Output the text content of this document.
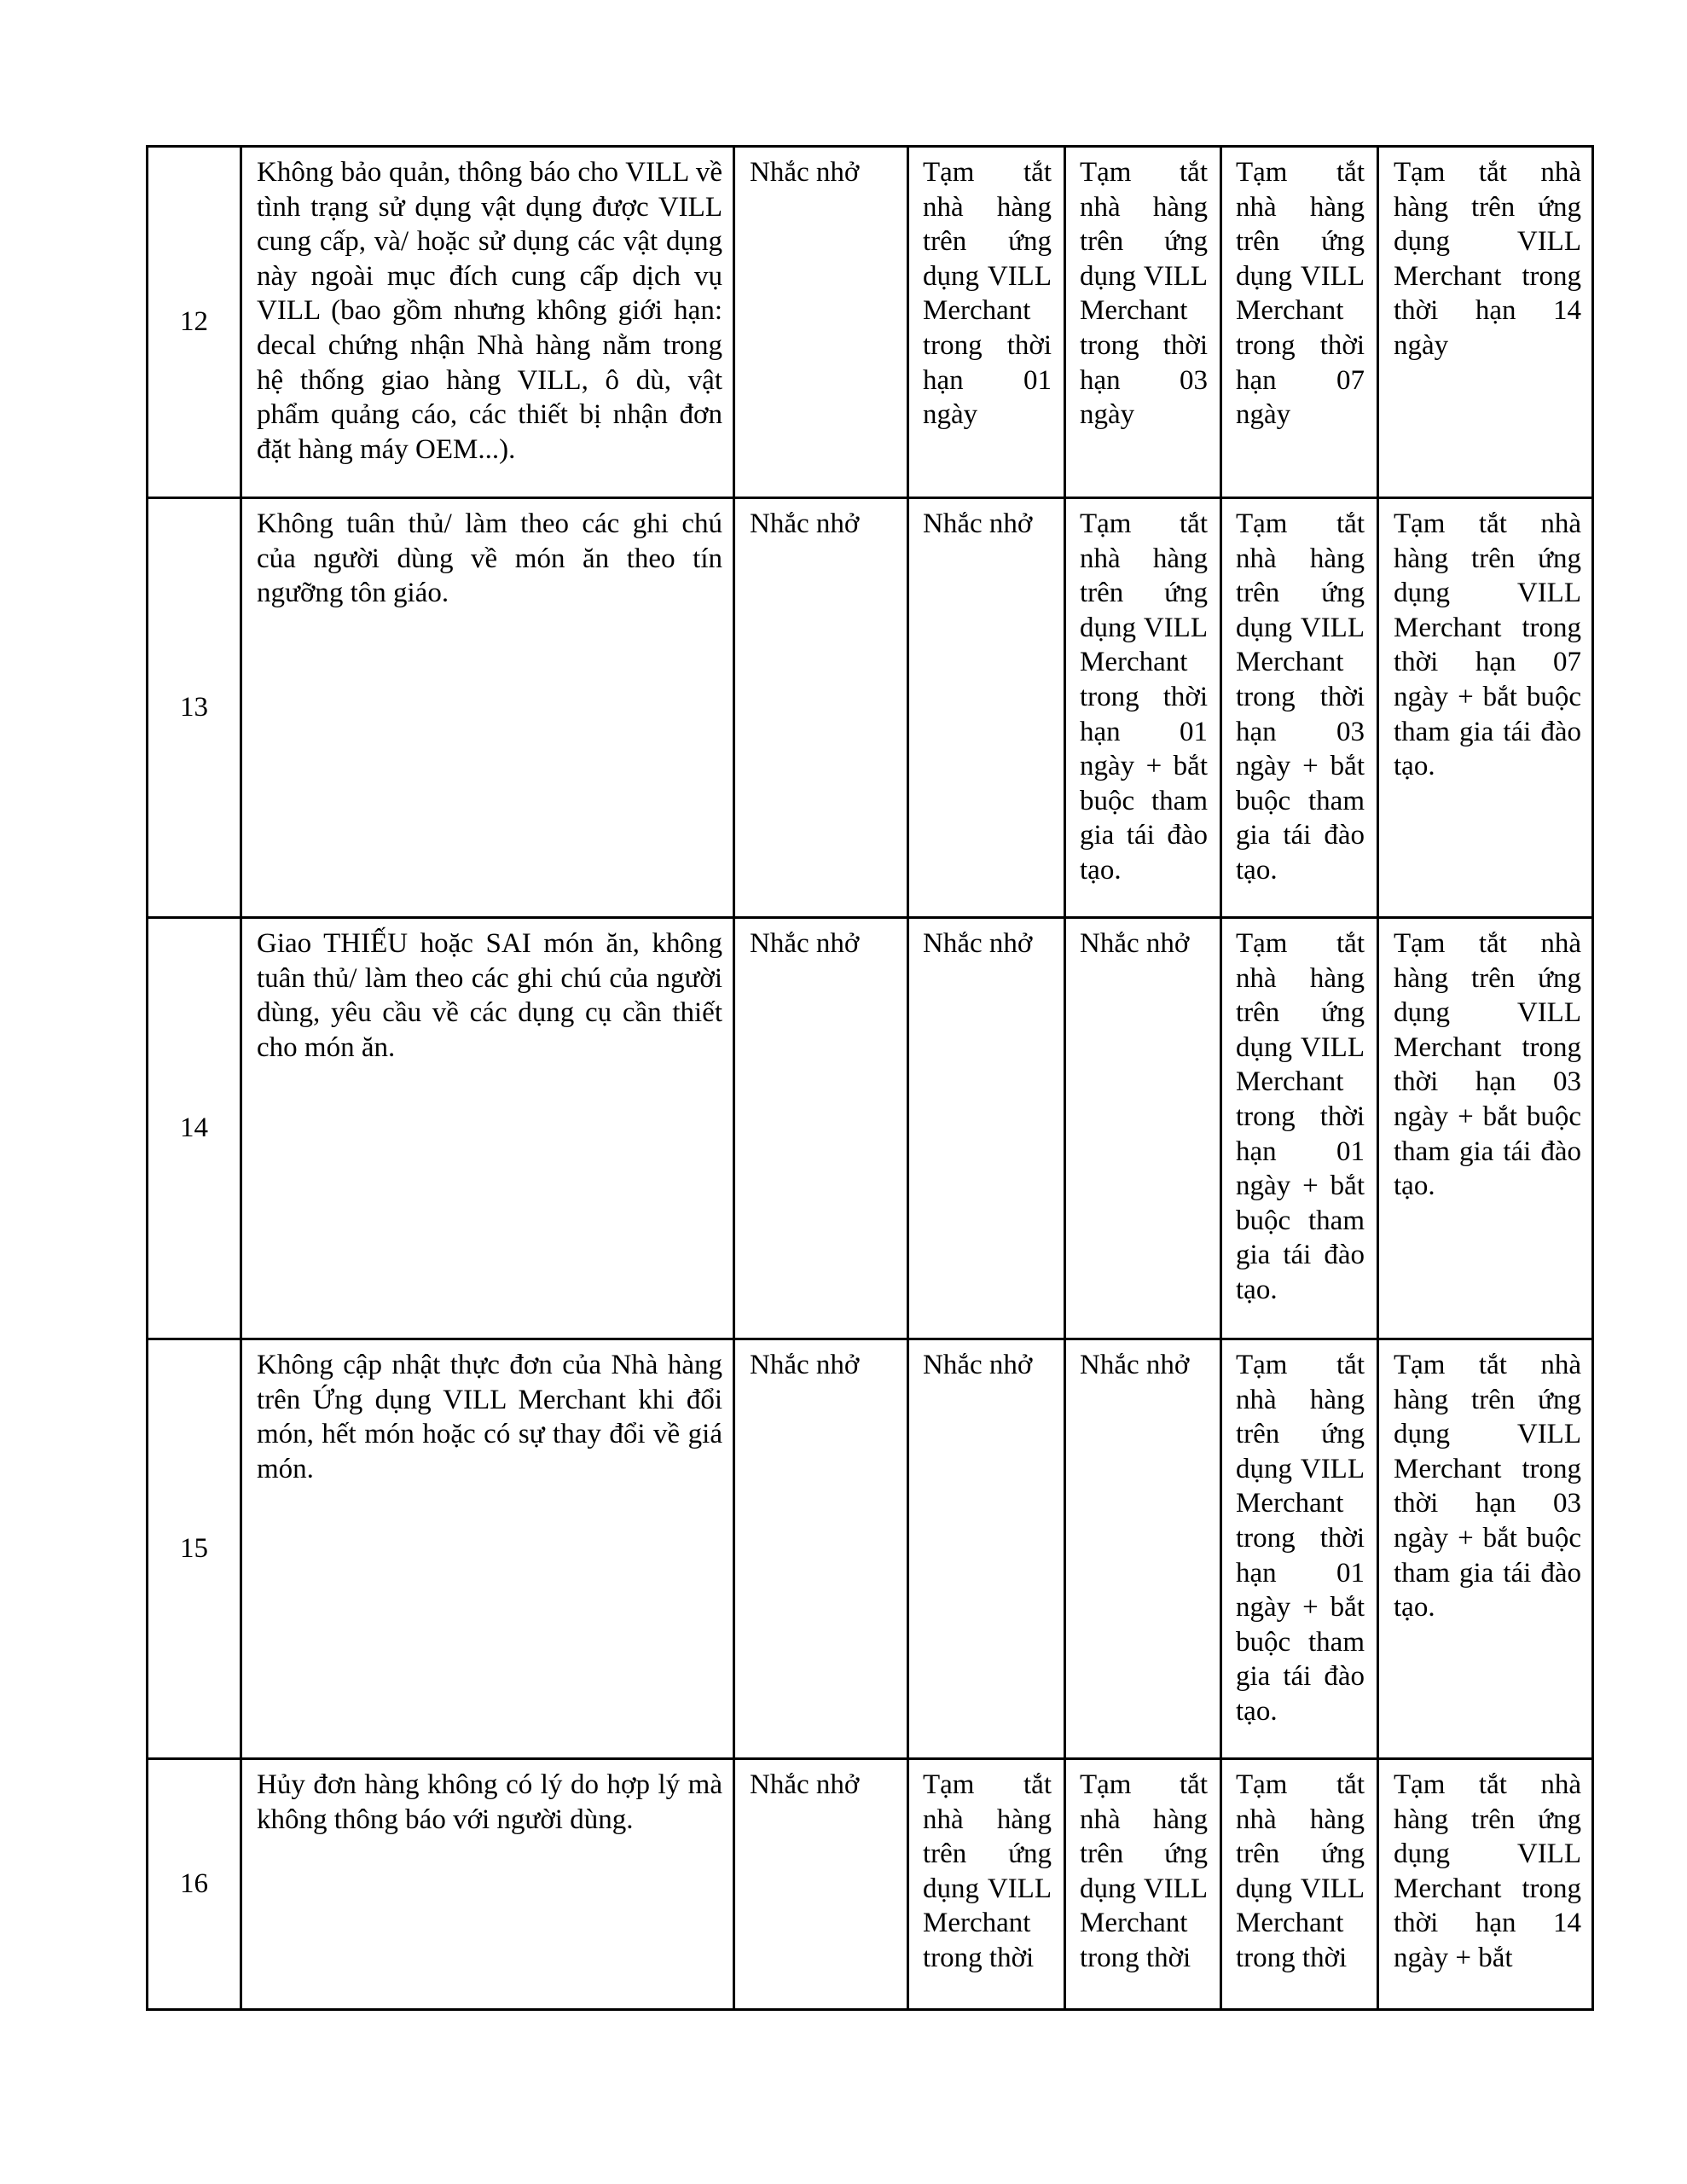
12	Không bảo quản, thông báo cho VILL về tình trạng sử dụng vật dụng được VILL cung cấp, và/ hoặc sử dụng các vật dụng này ngoài mục đích cung cấp dịch vụ VILL (bao gồm nhưng không giới hạn: decal chứng nhận Nhà hàng nằm trong hệ thống giao hàng VILL, ô dù, vật phẩm quảng cáo, các thiết bị nhận đơn đặt hàng máy OEM...).	Nhắc nhở	Tạm tắt nhà hàng trên ứng dụng VILL Merchant trong thời hạn 01 ngày	Tạm tắt nhà hàng trên ứng dụng VILL Merchant trong thời hạn 03 ngày	Tạm tắt nhà hàng trên ứng dụng VILL Merchant trong thời hạn 07 ngày	Tạm tắt nhà hàng trên ứng dụng VILL Merchant trong thời hạn 14 ngày
13	Không tuân thủ/ làm theo các ghi chú của người dùng về món ăn theo tín ngưỡng tôn giáo.	Nhắc nhở	Nhắc nhở	Tạm tắt nhà hàng trên ứng dụng VILL Merchant trong thời hạn 01 ngày + bắt buộc tham gia tái đào tạo.	Tạm tắt nhà hàng trên ứng dụng VILL Merchant trong thời hạn 03 ngày + bắt buộc tham gia tái đào tạo.	Tạm tắt nhà hàng trên ứng dụng VILL Merchant trong thời hạn 07 ngày + bắt buộc tham gia tái đào tạo.
14	Giao THIẾU hoặc SAI món ăn, không tuân thủ/ làm theo các ghi chú của người dùng, yêu cầu về các dụng cụ cần thiết cho món ăn.	Nhắc nhở	Nhắc nhở	Nhắc nhở	Tạm tắt nhà hàng trên ứng dụng VILL Merchant trong thời hạn 01 ngày + bắt buộc tham gia tái đào tạo.	Tạm tắt nhà hàng trên ứng dụng VILL Merchant trong thời hạn 03 ngày + bắt buộc tham gia tái đào tạo.
15	Không cập nhật thực đơn của Nhà hàng trên Ứng dụng VILL Merchant khi đổi món, hết món hoặc có sự thay đổi về giá món.	Nhắc nhở	Nhắc nhở	Nhắc nhở	Tạm tắt nhà hàng trên ứng dụng VILL Merchant trong thời hạn 01 ngày + bắt buộc tham gia tái đào tạo.	Tạm tắt nhà hàng trên ứng dụng VILL Merchant trong thời hạn 03 ngày + bắt buộc tham gia tái đào tạo.
16	Hủy đơn hàng không có lý do hợp lý mà không thông báo với người dùng.	Nhắc nhở	Tạm tắt nhà hàng trên ứng dụng VILL Merchant trong thời	Tạm tắt nhà hàng trên ứng dụng VILL Merchant trong thời	Tạm tắt nhà hàng trên ứng dụng VILL Merchant trong thời	Tạm tắt nhà hàng trên ứng dụng VILL Merchant trong thời hạn 14 ngày + bắt
